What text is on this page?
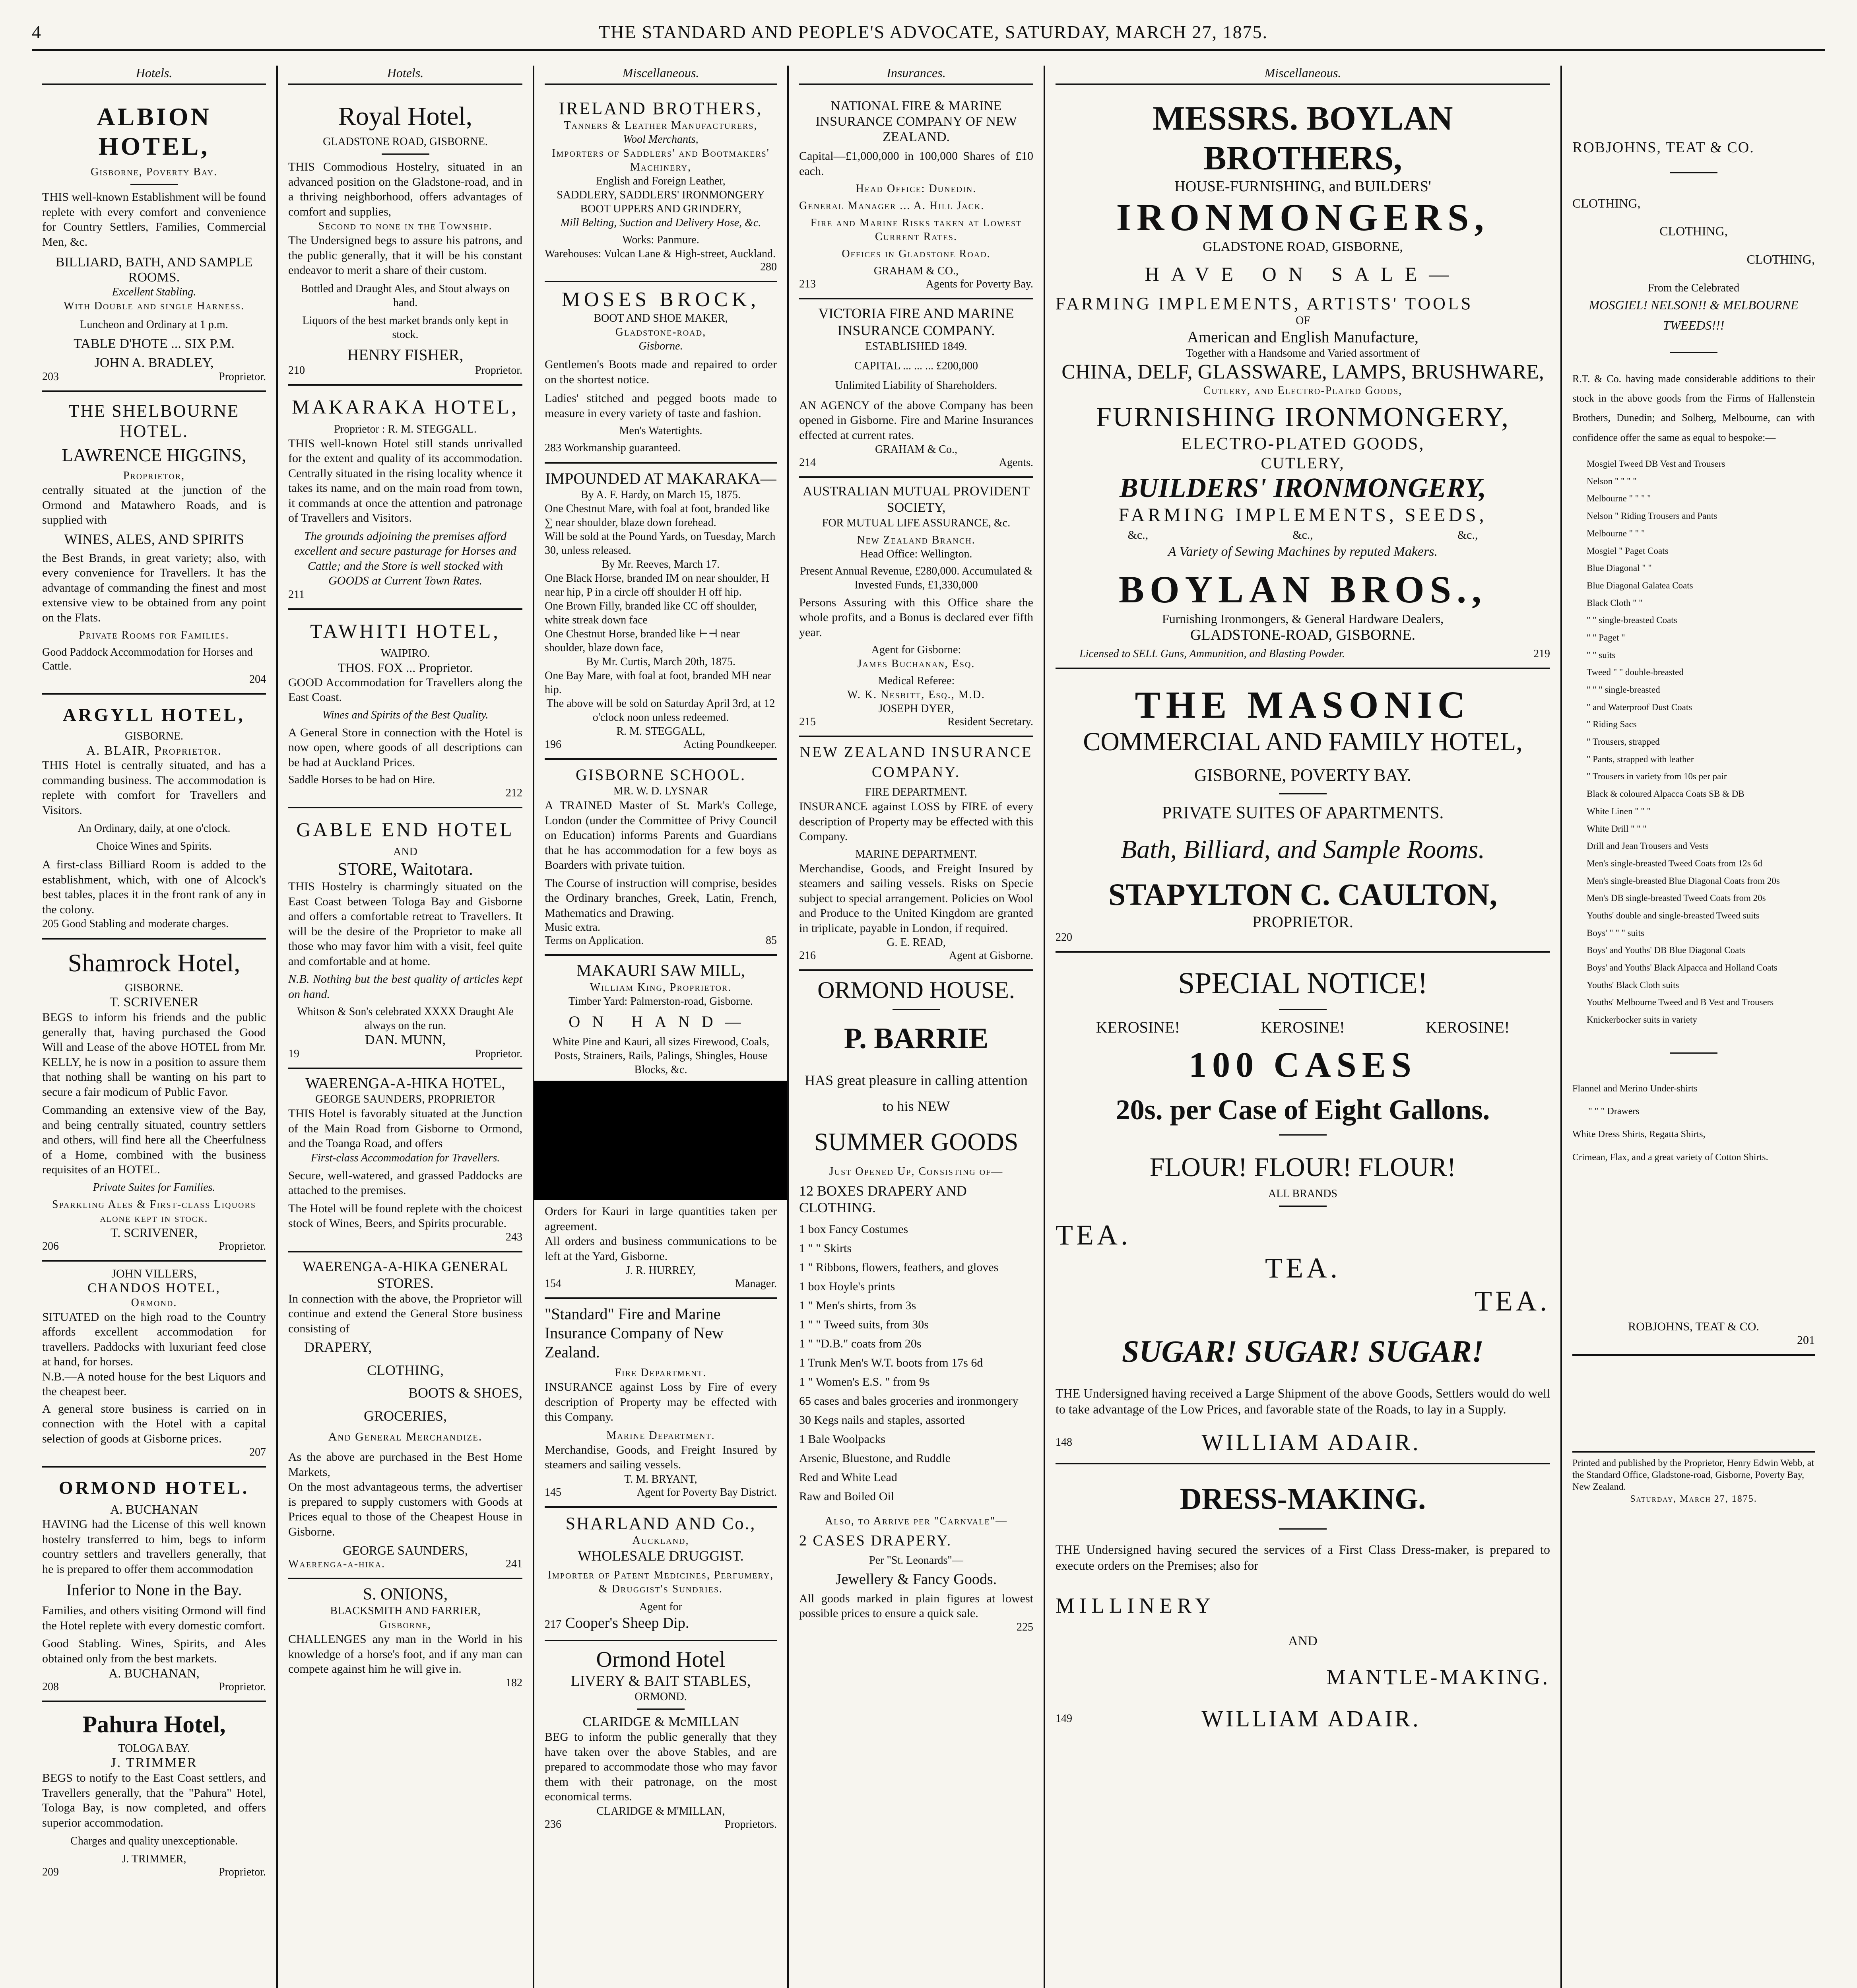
4	THE STANDARD AND PEOPLE'S ADVOCATE, SATURDAY, MARCH 27, 1875.
Hotels.
ALBION HOTEL,
Gisborne, Poverty Bay.
THIS well-known Establishment will be found replete with every comfort and convenience for Country Settlers, Families, Commercial Men, &c.
BILLIARD, BATH, AND SAMPLE ROOMS.
Excellent Stabling.
With Double and single Harness.
Luncheon and Ordinary at 1 p.m.
TABLE D'HOTE ... SIX P.M.
JOHN A. BRADLEY,
203	Proprietor.
THE SHELBOURNE HOTEL.
LAWRENCE HIGGINS,
Proprietor,
centrally situated at the junction of the Ormond and Matawhero Roads, and is supplied with
WINES, ALES, AND SPIRITS
the Best Brands, in great variety; also, with every convenience for Travellers. It has the advantage of commanding the finest and most extensive view to be obtained from any point on the Flats.
Private Rooms for Families.
Good Paddock Accommodation for Horses and Cattle.
204
ARGYLL HOTEL,
GISBORNE.
A. BLAIR, Proprietor.
THIS Hotel is centrally situated, and has a commanding business. The accommodation is replete with comfort for Travellers and Visitors.
An Ordinary, daily, at one o'clock.
Choice Wines and Spirits.
A first-class Billiard Room is added to the establishment, which, with one of Alcock's best tables, places it in the front rank of any in the colony.
205 Good Stabling and moderate charges.
Shamrock Hotel,
GISBORNE.
T. SCRIVENER
BEGS to inform his friends and the public generally that, having purchased the Good Will and Lease of the above HOTEL from Mr. KELLY, he is now in a position to assure them that nothing shall be wanting on his part to secure a fair modicum of Public Favor.
Commanding an extensive view of the Bay, and being centrally situated, country settlers and others, will find here all the Cheerfulness of a Home, combined with the business requisites of an HOTEL.
Private Suites for Families.
Sparkling Ales & First-class Liquors alone kept in stock.
T. SCRIVENER,
206	Proprietor.
JOHN VILLERS,
CHANDOS HOTEL,
Ormond.
SITUATED on the high road to the Country affords excellent accommodation for travellers. Paddocks with luxuriant feed close at hand, for horses.
N.B.—A noted house for the best Liquors and the cheapest beer.
A general store business is carried on in connection with the Hotel with a capital selection of goods at Gisborne prices.
207
ORMOND HOTEL.
A. BUCHANAN
HAVING had the License of this well known hostelry transferred to him, begs to inform country settlers and travellers generally, that he is prepared to offer them accommodation
Inferior to None in the Bay.
Families, and others visiting Ormond will find the Hotel replete with every domestic comfort.
Good Stabling. Wines, Spirits, and Ales obtained only from the best markets.
A. BUCHANAN,
208	Proprietor.
Pahura Hotel,
TOLOGA BAY.
J. TRIMMER
BEGS to notify to the East Coast settlers, and Travellers generally, that the "Pahura" Hotel, Tologa Bay, is now completed, and offers superior accommodation.
Charges and quality unexceptionable.
J. TRIMMER,
209	Proprietor.
Hotels.
Royal Hotel,
GLADSTONE ROAD, GISBORNE.
THIS Commodious Hostelry, situated in an advanced position on the Gladstone-road, and in a thriving neighborhood, offers advantages of comfort and supplies,
Second to none in the Township.
The Undersigned begs to assure his patrons, and the public generally, that it will be his constant endeavor to merit a share of their custom.
Bottled and Draught Ales, and Stout always on hand.
Liquors of the best market brands only kept in stock.
HENRY FISHER,
210	Proprietor.
MAKARAKA HOTEL,
Proprietor : R. M. STEGGALL.
THIS well-known Hotel still stands unrivalled for the extent and quality of its accommodation. Centrally situated in the rising locality whence it takes its name, and on the main road from town, it commands at once the attention and patronage of Travellers and Visitors.
The grounds adjoining the premises afford excellent and secure pasturage for Horses and Cattle; and the Store is well stocked with GOODS at Current Town Rates.
211
TAWHITI HOTEL,
WAIPIRO.
THOS. FOX ... Proprietor.
GOOD Accommodation for Travellers along the East Coast.
Wines and Spirits of the Best Quality.
A General Store in connection with the Hotel is now open, where goods of all descriptions can be had at Auckland Prices.
Saddle Horses to be had on Hire.
212
GABLE END HOTEL
AND
STORE, Waitotara.
THIS Hostelry is charmingly situated on the East Coast between Tologa Bay and Gisborne and offers a comfortable retreat to Travellers. It will be the desire of the Proprietor to make all those who may favor him with a visit, feel quite and comfortable and at home.
N.B. Nothing but the best quality of articles kept on hand.
Whitson & Son's celebrated XXXX Draught Ale always on the run.
DAN. MUNN,
19	Proprietor.
WAERENGA-A-HIKA HOTEL,
GEORGE SAUNDERS, PROPRIETOR
THIS Hotel is favorably situated at the Junction of the Main Road from Gisborne to Ormond, and the Toanga Road, and offers
First-class Accommodation for Travellers.
Secure, well-watered, and grassed Paddocks are attached to the premises.
The Hotel will be found replete with the choicest stock of Wines, Beers, and Spirits procurable.
243
WAERENGA-A-HIKA GENERAL STORES.
In connection with the above, the Proprietor will continue and extend the General Store business consisting of
DRAPERY,
CLOTHING,
BOOTS & SHOES,
GROCERIES,
And General Merchandize.
As the above are purchased in the Best Home Markets,
On the most advantageous terms, the advertiser is prepared to supply customers with Goods at Prices equal to those of the Cheapest House in Gisborne.
GEORGE SAUNDERS,
Waerenga-a-hika.	241
S. ONIONS,
BLACKSMITH AND FARRIER,
Gisborne,
CHALLENGES any man in the World in his knowledge of a horse's foot, and if any man can compete against him he will give in.
182
Miscellaneous.
IRELAND BROTHERS,
Tanners & Leather Manufacturers,
Wool Merchants,
Importers of Saddlers' and Bootmakers' Machinery,
English and Foreign Leather,
SADDLERY, SADDLERS' IRONMONGERY
BOOT UPPERS AND GRINDERY,
Mill Belting, Suction and Delivery Hose, &c.
Works: Panmure.
Warehouses: Vulcan Lane & High-street, Auckland.
280
MOSES BROCK,
BOOT AND SHOE MAKER,
Gladstone-road,
Gisborne.
Gentlemen's Boots made and repaired to order on the shortest notice.
Ladies' stitched and pegged boots made to measure in every variety of taste and fashion.
Men's Watertights.
283 Workmanship guaranteed.
IMPOUNDED AT MAKARAKA—
By A. F. Hardy, on March 15, 1875.
One Chestnut Mare, with foal at foot, branded like ∑ near shoulder, blaze down forehead.
Will be sold at the Pound Yards, on Tuesday, March 30, unless released.
By Mr. Reeves, March 17.
One Black Horse, branded IM on near shoulder, H near hip, P in a circle off shoulder H off hip.
One Brown Filly, branded like CC off shoulder, white streak down face
One Chestnut Horse, branded like ⊢⊣ near shoulder, blaze down face,
By Mr. Curtis, March 20th, 1875.
One Bay Mare, with foal at foot, branded MH near hip.
The above will be sold on Saturday April 3rd, at 12 o'clock noon unless redeemed.
R. M. STEGGALL,
196	Acting Poundkeeper.
GISBORNE SCHOOL.
MR. W. D. LYSNAR
A TRAINED Master of St. Mark's College, London (under the Committee of Privy Council on Education) informs Parents and Guardians that he has accommodation for a few boys as Boarders with private tuition.
The Course of instruction will comprise, besides the Ordinary branches, Greek, Latin, French, Mathematics and Drawing.
Music extra.
Terms on Application.	85
MAKAURI SAW MILL,
William King, Proprietor.
Timber Yard: Palmerston-road, Gisborne.
ON HAND—
White Pine and Kauri, all sizes Firewood, Coals, Posts, Strainers, Rails, Palings, Shingles, House Blocks, &c.
Orders for Kauri in large quantities taken per agreement.
All orders and business communications to be left at the Yard, Gisborne.
J. R. HURREY,
154	Manager.
"Standard" Fire and Marine Insurance Company of New Zealand.
Fire Department.
INSURANCE against Loss by Fire of every description of Property may be effected with this Company.
Marine Department.
Merchandise, Goods, and Freight Insured by steamers and sailing vessels.
T. M. BRYANT,
145	Agent for Poverty Bay District.
SHARLAND AND Co.,
Auckland,
WHOLESALE DRUGGIST.
Importer of Patent Medicines, Perfumery, & Druggist's Sundries.
Agent for
217 Cooper's Sheep Dip.
Ormond Hotel
LIVERY & BAIT STABLES,
ORMOND.
CLARIDGE & McMILLAN
BEG to inform the public generally that they have taken over the above Stables, and are prepared to accommodate those who may favor them with their patronage, on the most economical terms.
CLARIDGE & M'MILLAN,
236	Proprietors.
Insurances.
NATIONAL FIRE & MARINE INSURANCE COMPANY OF NEW ZEALAND.
Capital—£1,000,000 in 100,000 Shares of £10 each.
Head Office: Dunedin.
General Manager ... A. Hill Jack.
Fire and Marine Risks taken at Lowest Current Rates.
Offices in Gladstone Road.
GRAHAM & CO.,
213	Agents for Poverty Bay.
VICTORIA FIRE AND MARINE INSURANCE COMPANY.
ESTABLISHED 1849.
CAPITAL ... ... ... £200,000
Unlimited Liability of Shareholders.
AN AGENCY of the above Company has been opened in Gisborne. Fire and Marine Insurances effected at current rates.
GRAHAM & Co.,
214	Agents.
AUSTRALIAN MUTUAL PROVIDENT SOCIETY,
FOR MUTUAL LIFE ASSURANCE, &c.
New Zealand Branch.
Head Office: Wellington.
Present Annual Revenue, £280,000. Accumulated & Invested Funds, £1,330,000
Persons Assuring with this Office share the whole profits, and a Bonus is declared ever fifth year.
Agent for Gisborne:
James Buchanan, Esq.
Medical Referee:
W. K. Nesbitt, Esq., M.D.
JOSEPH DYER,
215	Resident Secretary.
NEW ZEALAND INSURANCE COMPANY.
FIRE DEPARTMENT.
INSURANCE against LOSS by FIRE of every description of Property may be effected with this Company.
MARINE DEPARTMENT.
Merchandise, Goods, and Freight Insured by steamers and sailing vessels. Risks on Specie subject to special arrangement. Policies on Wool and Produce to the United Kingdom are granted in triplicate, payable in London, if required.
G. E. READ,
216	Agent at Gisborne.
ORMOND HOUSE.
P. BARRIE
HAS great pleasure in calling attention to his NEW
SUMMER GOODS
Just Opened Up, Consisting of—
12 BOXES DRAPERY AND CLOTHING.
1 box Fancy Costumes
1 " " Skirts
1 " Ribbons, flowers, feathers, and gloves
1 box Hoyle's prints
1 " Men's shirts, from 3s
1 " " Tweed suits, from 30s
1 " "D.B." coats from 20s
1 Trunk Men's W.T. boots from 17s 6d
1 " Women's E.S. " from 9s
65 cases and bales groceries and ironmongery
30 Kegs nails and staples, assorted
1 Bale Woolpacks
Arsenic, Bluestone, and Ruddle
Red and White Lead
Raw and Boiled Oil
Also, to Arrive per "Carnvale"—
2 CASES DRAPERY.
Per "St. Leonards"—
Jewellery & Fancy Goods.
All goods marked in plain figures at lowest possible prices to ensure a quick sale.
225
Miscellaneous.
MESSRS. BOYLAN BROTHERS,
HOUSE-FURNISHING, and BUILDERS'
IRONMONGERS,
GLADSTONE ROAD, GISBORNE,
HAVE ON SALE—
FARMING IMPLEMENTS, ARTISTS' TOOLS
OF
American and English Manufacture,
Together with a Handsome and Varied assortment of
CHINA, DELF, GLASSWARE, LAMPS, BRUSHWARE,
Cutlery, and Electro-Plated Goods,
FURNISHING IRONMONGERY,
ELECTRO-PLATED GOODS,
CUTLERY,
BUILDERS' IRONMONGERY,
FARMING IMPLEMENTS, SEEDS,
&c.,	&c.,	&c.,
A Variety of Sewing Machines by reputed Makers.
BOYLAN BROS.,
Furnishing Ironmongers, & General Hardware Dealers,
GLADSTONE-ROAD, GISBORNE.
Licensed to SELL Guns, Ammunition, and Blasting Powder.	219
THE MASONIC
COMMERCIAL AND FAMILY HOTEL,
GISBORNE, POVERTY BAY.
PRIVATE SUITES OF APARTMENTS.
Bath, Billiard, and Sample Rooms.
STAPYLTON C. CAULTON,
PROPRIETOR.
220
SPECIAL NOTICE!
KEROSINE!	KEROSINE!	KEROSINE!
100 CASES
20s. per Case of Eight Gallons.
FLOUR! FLOUR! FLOUR!
ALL BRANDS
TEA.
TEA.
TEA.
SUGAR! SUGAR! SUGAR!
THE Undersigned having received a Large Shipment of the above Goods, Settlers would do well to take advantage of the Low Prices, and favorable state of the Roads, to lay in a Supply.
148	WILLIAM ADAIR.
DRESS-MAKING.
THE Undersigned having secured the services of a First Class Dress-maker, is prepared to execute orders on the Premises; also for
MILLINERY
AND
MANTLE-MAKING.
149	WILLIAM ADAIR.
ROBJOHNS, TEAT & CO.
CLOTHING,
CLOTHING,
CLOTHING,
From the Celebrated
MOSGIEL! NELSON!! & MELBOURNE TWEEDS!!!
R.T. & Co. having made considerable additions to their stock in the above goods from the Firms of Hallenstein Brothers, Dunedin; and Solberg, Melbourne, can with confidence offer the same as equal to bespoke:—
Mosgiel Tweed DB Vest and Trousers
Nelson " " " "
Melbourne " " " "
Nelson " Riding Trousers and Pants
Melbourne " " "
Mosgiel " Paget Coats
Blue Diagonal " "
Blue Diagonal Galatea Coats
Black Cloth " "
" " single-breasted Coats
" " Paget "
" " suits
Tweed " " double-breasted
" " " single-breasted
" and Waterproof Dust Coats
" Riding Sacs
" Trousers, strapped
" Pants, strapped with leather
" Trousers in variety from 10s per pair
Black & coloured Alpacca Coats SB & DB
White Linen " " "
White Drill " " "
Drill and Jean Trousers and Vests
Men's single-breasted Tweed Coats from 12s 6d
Men's single-breasted Blue Diagonal Coats from 20s
Men's DB single-breasted Tweed Coats from 20s
Youths' double and single-breasted Tweed suits
Boys' " " " suits
Boys' and Youths' DB Blue Diagonal Coats
Boys' and Youths' Black Alpacca and Holland Coats
Youths' Black Cloth suits
Youths' Melbourne Tweed and B Vest and Trousers
Knickerbocker suits in variety
Flannel and Merino Under-shirts
" " " Drawers
White Dress Shirts, Regatta Shirts,
Crimean, Flax, and a great variety of Cotton Shirts.
ROBJOHNS, TEAT & CO.
201
Printed and published by the Proprietor, Henry Edwin Webb, at the Standard Office, Gladstone-road, Gisborne, Poverty Bay, New Zealand.
Saturday, March 27, 1875.
